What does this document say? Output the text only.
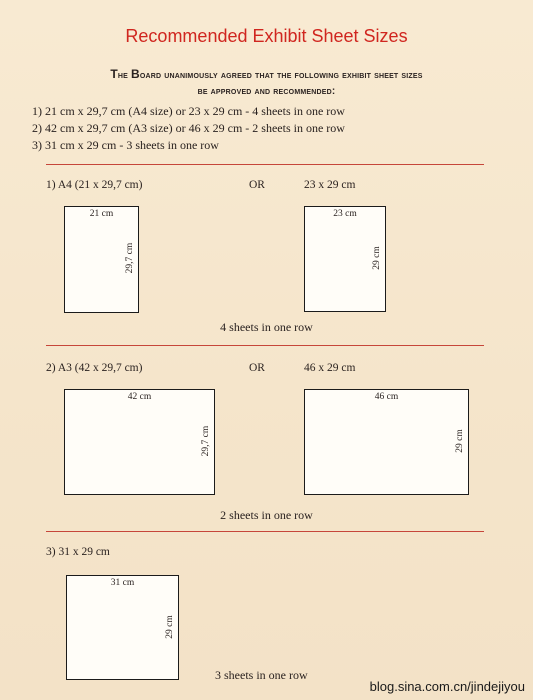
Recommended Exhibit Sheet Sizes
The Board unanimously agreed that the following exhibit sheet sizes
be approved and recommended:
1) 21 cm x 29,7 cm (A4 size) or 23 x 29 cm - 4 sheets in one row
2) 42 cm x 29,7 cm (A3 size) or 46 x 29 cm - 2 sheets in one row
3) 31 cm x 29 cm - 3 sheets in one row
1) A4 (21 x 29,7 cm)	OR	23 x 29 cm
21 cm
29,7 cm
23 cm
29 cm
4 sheets in one row
2) A3 (42 x 29,7 cm)	OR	46 x 29 cm
42 cm
29,7 cm
46 cm
29 cm
2 sheets in one row
3) 31 x 29 cm
31 cm
29 cm
3 sheets in one row
blog.sina.com.cn/jindejiyou
